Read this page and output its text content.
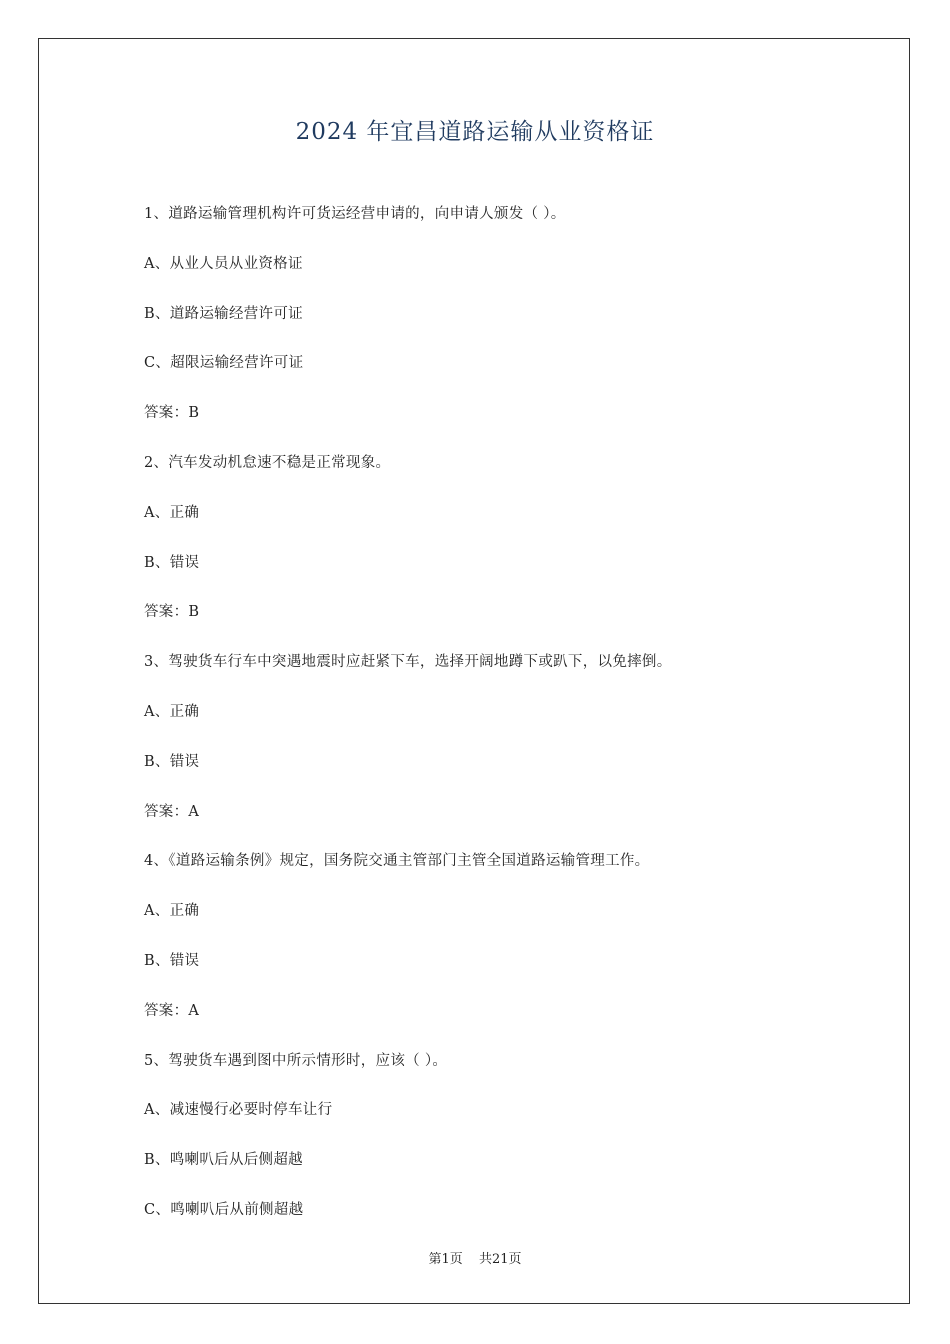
2024 年宜昌道路运输从业资格证
1、道路运输管理机构许可货运经营申请的，向申请人颁发（ ）。
A、从业人员从业资格证
B、道路运输经营许可证
C、超限运输经营许可证
答案：B
2、汽车发动机怠速不稳是正常现象。
A、正确
B、错误
答案：B
3、驾驶货车行车中突遇地震时应赶紧下车，选择开阔地蹲下或趴下，以免摔倒。
A、正确
B、错误
答案：A
4、《道路运输条例》规定，国务院交通主管部门主管全国道路运输管理工作。
A、正确
B、错误
答案：A
5、驾驶货车遇到图中所示情形时，应该（ ）。
A、减速慢行必要时停车让行
B、鸣喇叭后从后侧超越
C、鸣喇叭后从前侧超越
第1页 共21页
